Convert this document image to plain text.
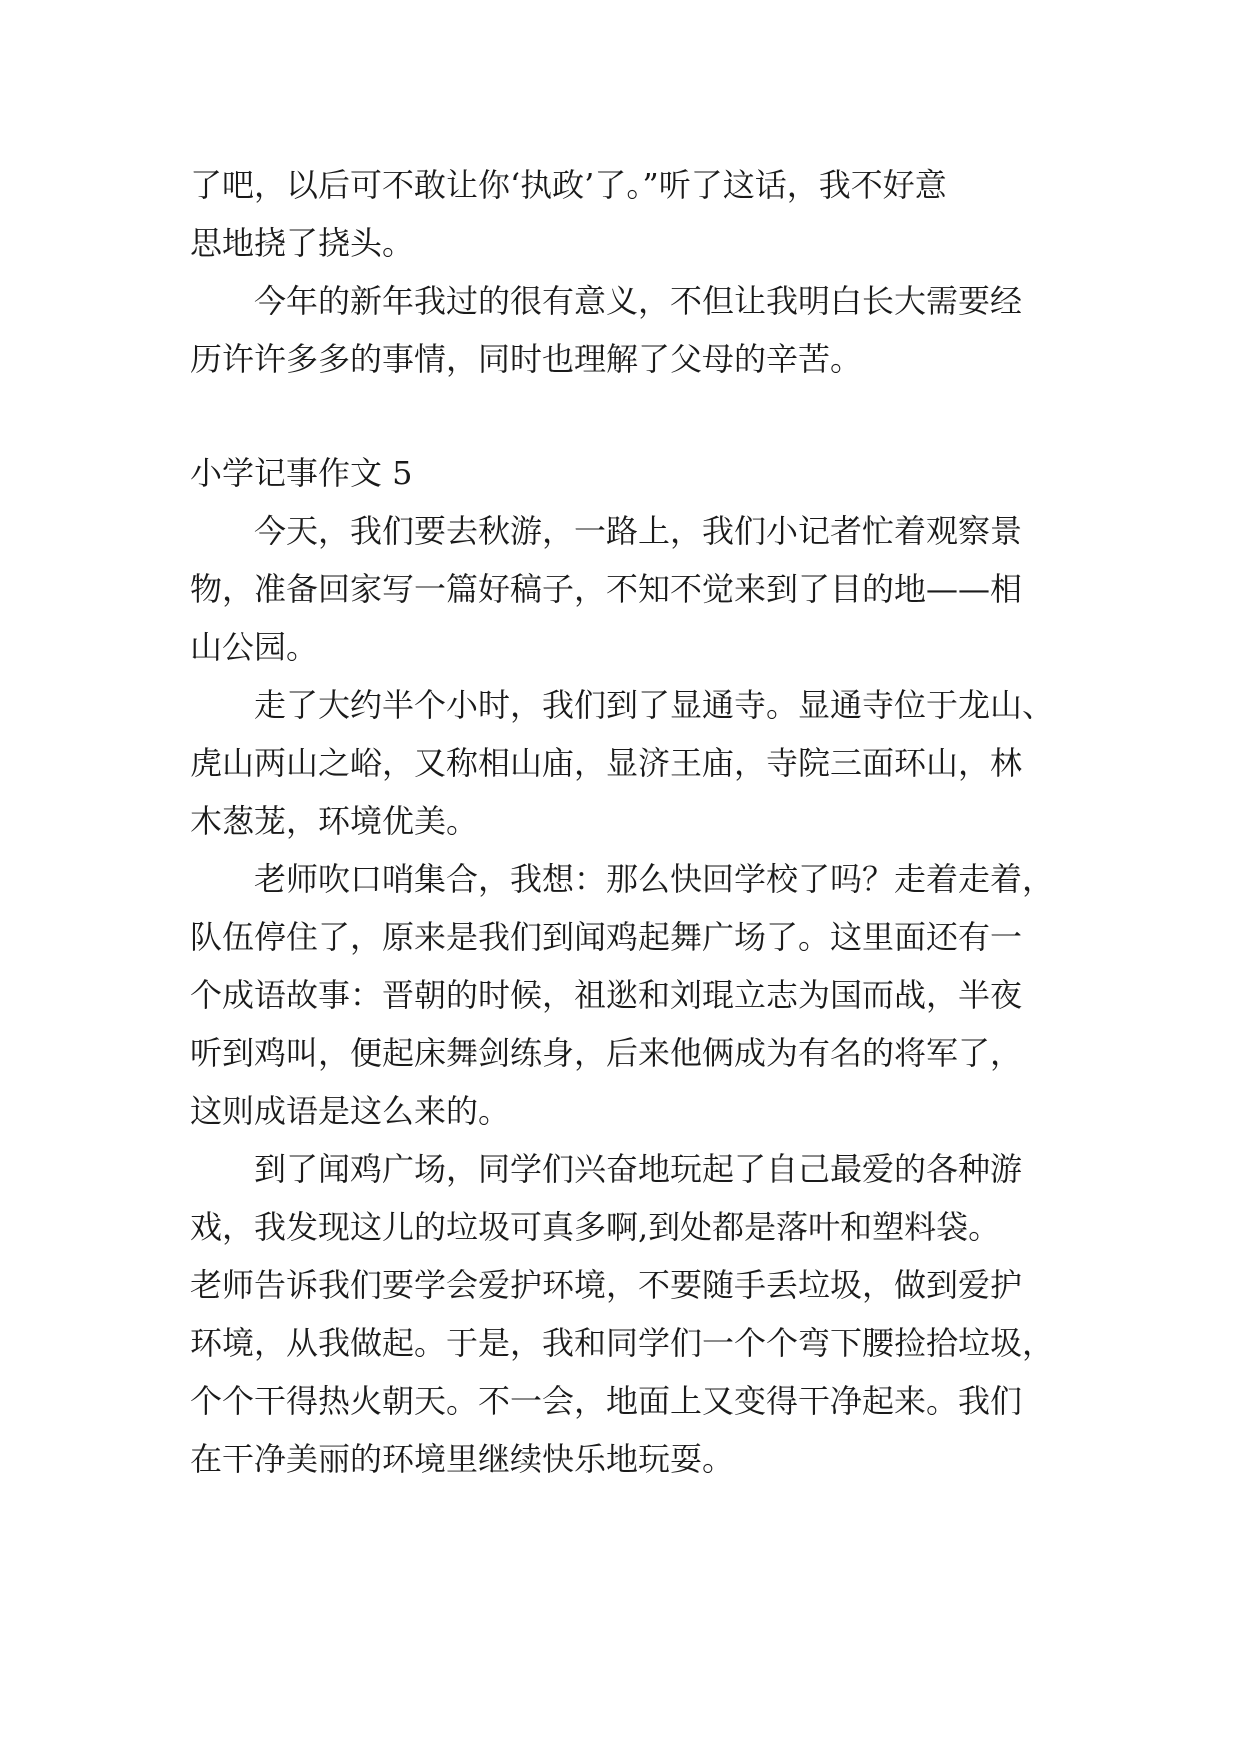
了吧，以后可不敢让你‘执政’了。”听了这话，我不好意
思地挠了挠头。

今年的新年我过的很有意义，不但让我明白长大需要经
历许许多多的事情，同时也理解了父母的辛苦。

小学记事作文 5

今天，我们要去秋游，一路上，我们小记者忙着观察景
物，准备回家写一篇好稿子，不知不觉来到了目的地——相
山公园。

走了大约半个小时，我们到了显通寺。显通寺位于龙山、
虎山两山之峪，又称相山庙，显济王庙，寺院三面环山，林
木葱茏，环境优美。

老师吹口哨集合，我想：那么快回学校了吗？走着走着，
队伍停住了，原来是我们到闻鸡起舞广场了。这里面还有一
个成语故事：晋朝的时候，祖逖和刘琨立志为国而战，半夜
听到鸡叫，便起床舞剑练身，后来他俩成为有名的将军了，
这则成语是这么来的。

到了闻鸡广场，同学们兴奋地玩起了自己最爱的各种游
戏，我发现这儿的垃圾可真多啊,到处都是落叶和塑料袋。
老师告诉我们要学会爱护环境，不要随手丢垃圾，做到爱护
环境，从我做起。于是，我和同学们一个个弯下腰捡拾垃圾，
个个干得热火朝天。不一会，地面上又变得干净起来。我们
在干净美丽的环境里继续快乐地玩耍。
